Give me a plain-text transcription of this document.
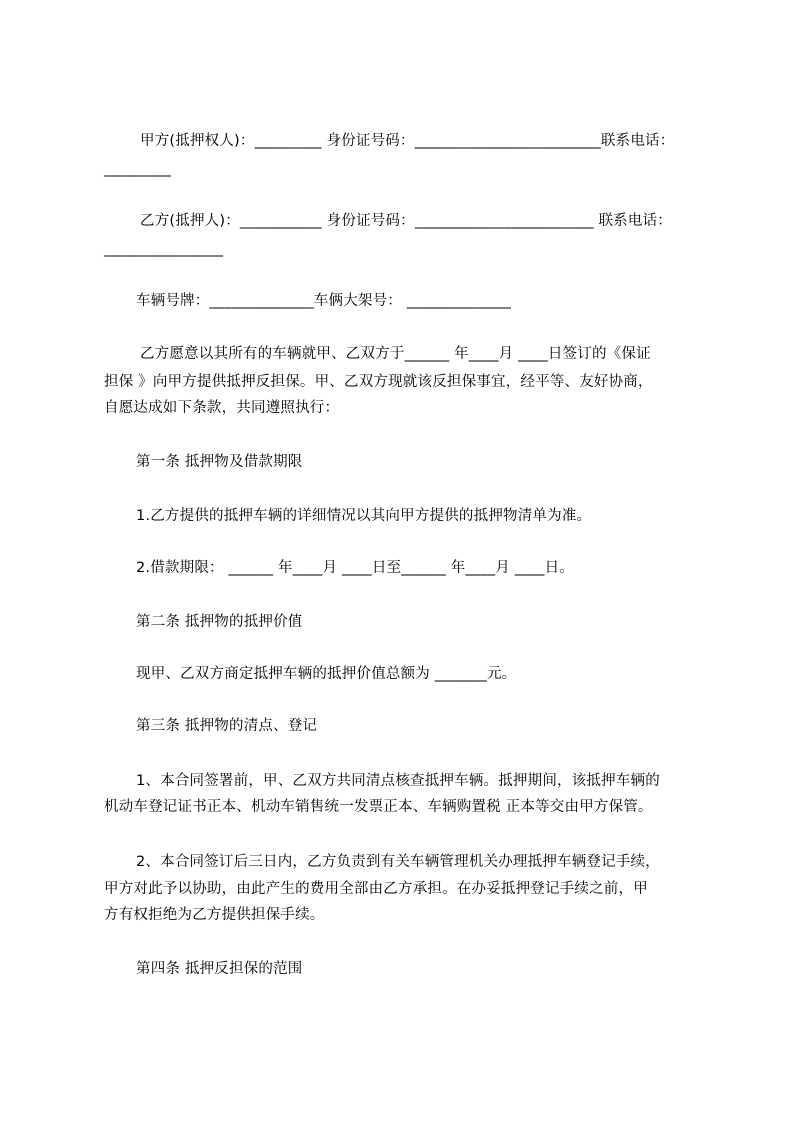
甲方(抵押权人)：_________ 身份证号码：_________________________联系电话：
_________
乙方(抵押人)：___________ 身份证号码：________________________ 联系电话：
________________
车辆号牌：______________车俩大架号： ______________
乙方愿意以其所有的车辆就甲、乙双方于______ 年____月 ____日签订的《保证
担保 》向甲方提供抵押反担保。甲、乙双方现就该反担保事宜，经平等、友好协商，
自愿达成如下条款，共同遵照执行：
第一条 抵押物及借款期限
1.乙方提供的抵押车辆的详细情况以其向甲方提供的抵押物清单为准。
2.借款期限： ______ 年____月 ____日至______ 年____月 ____日。
第二条 抵押物的抵押价值
现甲、乙双方商定抵押车辆的抵押价值总额为 _______元。
第三条 抵押物的清点、登记
1、本合同签署前，甲、乙双方共同清点核查抵押车辆。抵押期间，该抵押车辆的
机动车登记证书正本、机动车销售统一发票正本、车辆购置税 正本等交由甲方保管。
2、本合同签订后三日内，乙方负责到有关车辆管理机关办理抵押车辆登记手续，
甲方对此予以协助，由此产生的费用全部由乙方承担。在办妥抵押登记手续之前，甲
方有权拒绝为乙方提供担保手续。
第四条 抵押反担保的范围
